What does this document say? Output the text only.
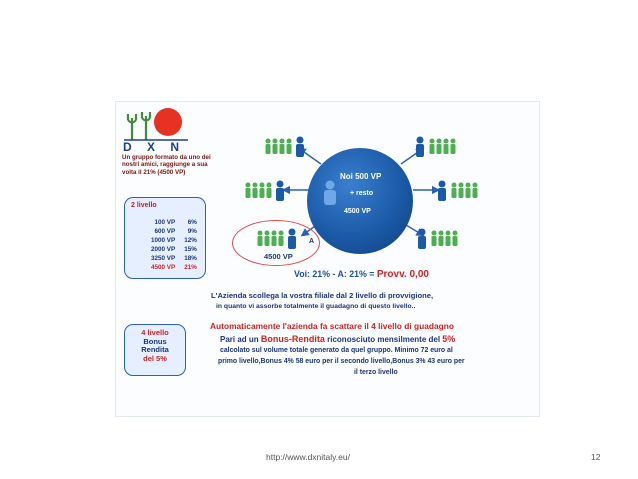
D X N
Un gruppo formato da uno dei nostri amici, raggiunge a sua volta il 21% (4500 VP)
2 livello
100 VP 6%
600 VP 9%
1000 VP 12%
2000 VP 15%
3250 VP 18%
4500 VP 21%
Noi 500 VP
+ resto
4500 VP
A
4500 VP
Voi: 21% - A: 21% = Provv. 0,00
L'Azienda scollega la vostra filiale dal 2 livello di provvigione,
in quanto vi assorbe totalmente il guadagno di questo livello..
4 livello
Bonus
Rendita
del 5%
Automaticamente l'azienda fa scattare il 4 livello di guadagno
Pari ad un Bonus-Rendita riconosciuto mensilmente del 5%
calcolato sul volume totale generato da quel gruppo. Minimo 72 euro al
primo livello,Bonus 4% 58 euro per il secondo livello,Bonus 3% 43 euro per
il terzo livello
http://www.dxnitaly.eu/	12
